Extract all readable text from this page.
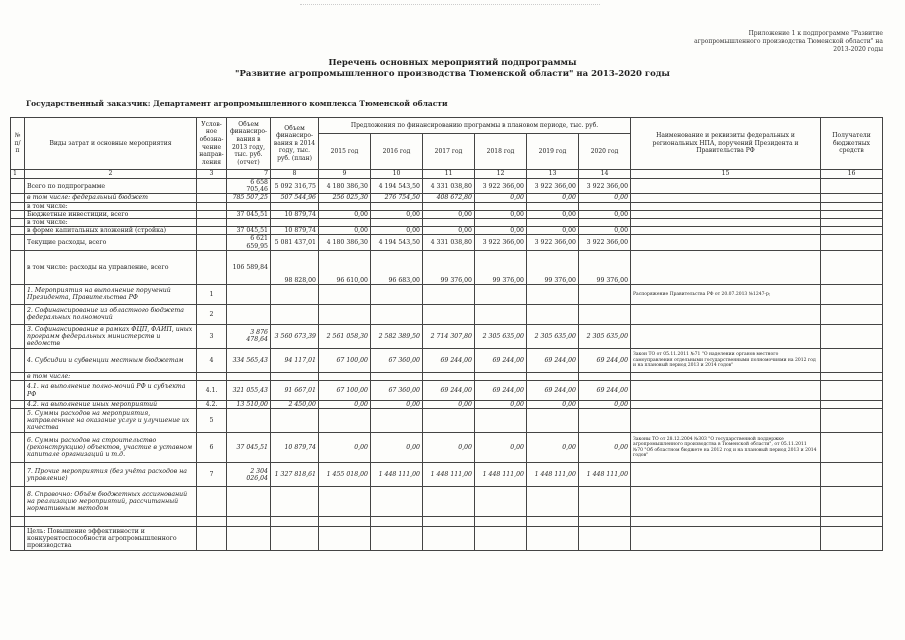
Приложение 1 к подпрограмме "Развитие агропромышленного производства Тюменской области" на 2013-2020 годы
Перечень основных мероприятий подпрограммы
"Развитие агропромышленного производства Тюменской области" на 2013-2020 годы
Государственный заказчик: Департамент агропромышленного комплекса Тюменской области
№ п/п	Виды затрат и основные мероприятия	Услов-ное обозна-чение направ-ления	Объем финансиро-вания в 2013 году, тыс. руб. (отчет)	Объем финансиро-вания в 2014 году, тыс. руб. (план)	Предложения по финансированию программы в плановом периоде, тыс. руб.						Наименование и реквизиты федеральных и региональных НПА, поручений Президента и Правительства РФ	Получатели бюджетных средств
					2015 год	2016 год	2017 год	2018 год	2019 год	2020 год		
1	2	3	7	8	9	10	11	12	13	14	15	16
	Всего по подпрограмме		6 658 705,46	5 092 316,75	4 180 386,30	4 194 543,50	4 331 038,80	3 922 366,00	3 922 366,00	3 922 366,00		
	в том числе: федеральный бюджет		785 507,25	507 544,96	256 025,30	276 754,50	408 672,80	0,00	0,00	0,00		
	в том числе:											
	Бюджетные инвестиции, всего		37 045,51	10 879,74	0,00	0,00	0,00	0,00	0,00	0,00		
	в том числе:											
	в форме капитальных вложений (стройка)		37 045,51	10 879,74	0,00	0,00	0,00	0,00	0,00	0,00		
	Текущие расходы, всего		6 621 659,95	5 081 437,01	4 180 386,30	4 194 543,50	4 331 038,80	3 922 366,00	3 922 366,00	3 922 366,00		
	в том числе: расходы на управление, всего		106 589,84	98 828,00	96 610,00	96 683,00	99 376,00	99 376,00	99 376,00	99 376,00		
	1. Мероприятия на выполнение поручений Президента, Правительства РФ	1									Распоряжение Правительства РФ от 20.07.2013 №1247-р;	
	2. Софинансирование из областного бюджета федеральных полномочий	2										
	3. Софинансирование в рамках ФЦП, ФАИП, иных программ федеральных министерств и ведомств	3	3 876 478,64	3 560 673,39	2 561 058,30	2 582 389,50	2 714 307,80	2 305 635,00	2 305 635,00	2 305 635,00		
	4. Субсидии и субвенции местным бюджетам	4	334 565,43	94 117,01	67 100,00	67 360,00	69 244,00	69 244,00	69 244,00	69 244,00	Закон ТО от 05.11.2011 №71 "О наделении органов местного самоуправления отдельными государственными полномочиями на 2012 год и на плановый период 2013 и 2014 годов"	
	в том числе:											
	4.1. на выполнение полно-мочий РФ и субъекта РФ	4.1.	321 055,43	91 667,01	67 100,00	67 360,00	69 244,00	69 244,00	69 244,00	69 244,00		
	4.2. на выполнение иных мероприятий	4.2.	13 510,00	2 450,00	0,00	0,00	0,00	0,00	0,00	0,00		
	5. Суммы расходов на мероприятия, направленные на оказание услуг и улучшение их качества	5										
	6. Суммы расходов на строительство (реконструкцию) объектов, участие в уставном капитале организаций и т.д.	6	37 045,51	10 879,74	0,00	0,00	0,00	0,00	0,00	0,00	Законы ТО от 28.12.2004 №303 "О государственной поддержке агропромышленного производства в Тюменской области", от 05.11.2011 №70 "Об областном бюджете на 2012 год и на плановый период 2013 и 2014 годов"	
	7. Прочие мероприятия (без учёта расходов на управление)	7	2 304 026,04	1 327 818,61	1 455 018,00	1 448 111,00	1 448 111,00	1 448 111,00	1 448 111,00	1 448 111,00		
	8. Справочно: Объём бюджетных ассигнований на реализацию мероприятий, рассчитанный нормативным методом											

	Цель: Повышение эффективности и конкурентоспособности агропромышленного производства											
